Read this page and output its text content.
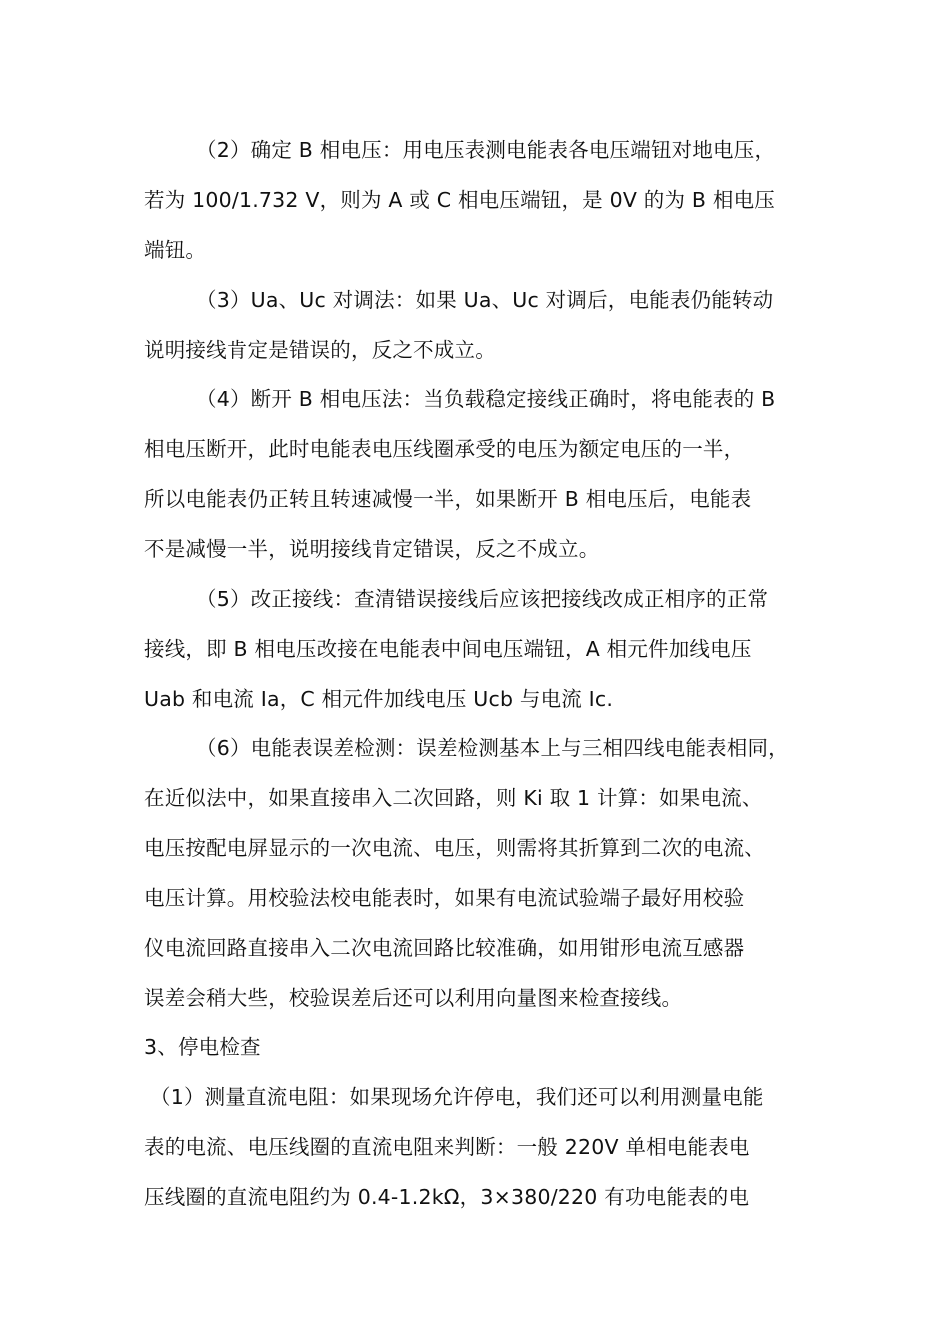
（2）确定 B 相电压：用电压表测电能表各电压端钮对地电压，
若为 100/1.732 V，则为 A 或 C 相电压端钮，是 0V 的为 B 相电压
端钮。
（3）Ua、Uc 对调法：如果 Ua、Uc 对调后，电能表仍能转动
说明接线肯定是错误的，反之不成立。
（4）断开 B 相电压法：当负载稳定接线正确时，将电能表的 B
相电压断开，此时电能表电压线圈承受的电压为额定电压的一半，
所以电能表仍正转且转速减慢一半，如果断开 B 相电压后，电能表
不是减慢一半，说明接线肯定错误，反之不成立。
（5）改正接线：查清错误接线后应该把接线改成正相序的正常
接线，即 B 相电压改接在电能表中间电压端钮，A 相元件加线电压
Uab 和电流 Ia，C 相元件加线电压 Ucb 与电流 Ic.
（6）电能表误差检测：误差检测基本上与三相四线电能表相同，
在近似法中，如果直接串入二次回路，则 Ki 取 1 计算：如果电流、
电压按配电屏显示的一次电流、电压，则需将其折算到二次的电流、
电压计算。用校验法校电能表时，如果有电流试验端子最好用校验
仪电流回路直接串入二次电流回路比较准确，如用钳形电流互感器
误差会稍大些，校验误差后还可以利用向量图来检查接线。
3、停电检查
（1）测量直流电阻：如果现场允许停电，我们还可以利用测量电能
表的电流、电压线圈的直流电阻来判断：一般 220V 单相电能表电
压线圈的直流电阻约为 0.4-1.2kΩ，3×380/220 有功电能表的电
